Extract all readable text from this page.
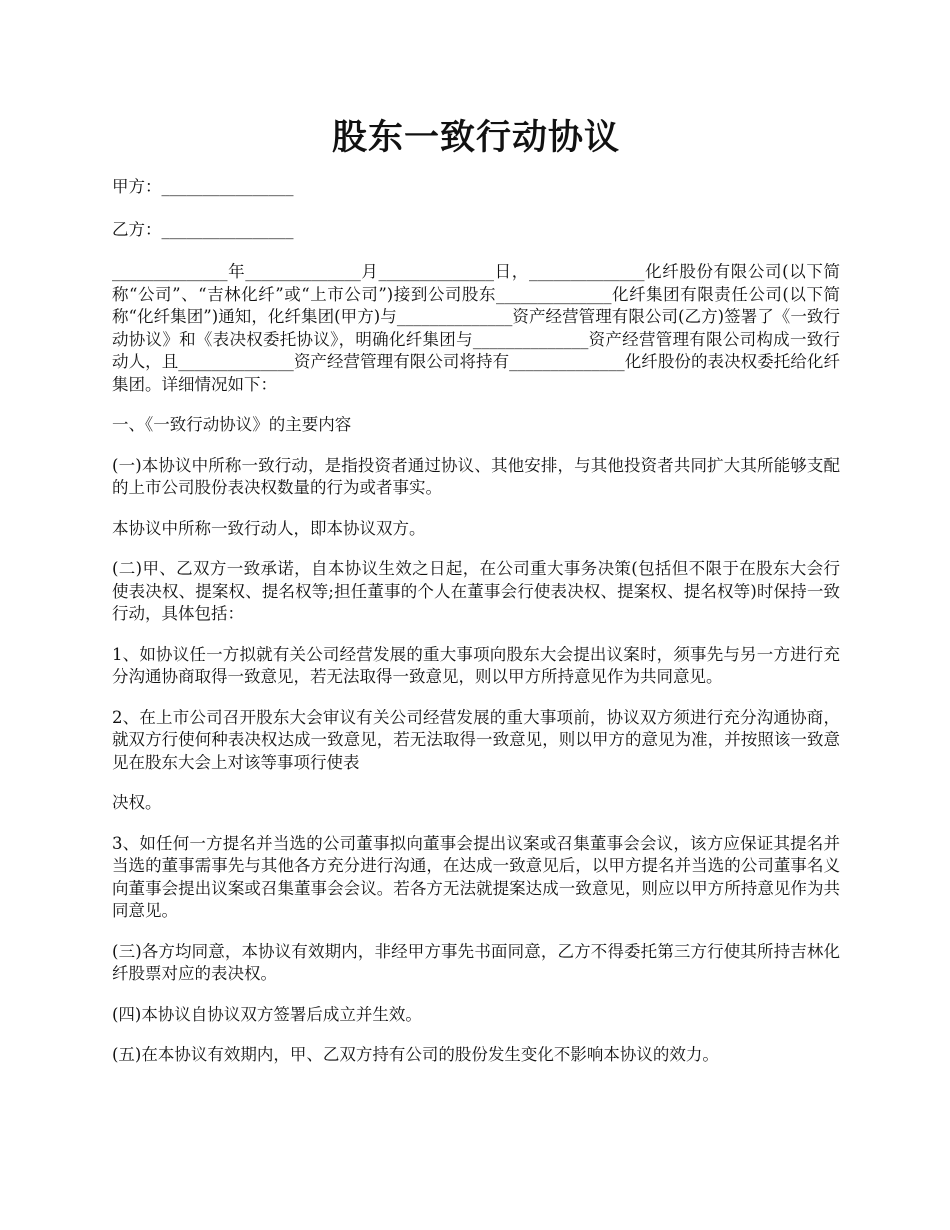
股东一致行动协议

甲方：________________

乙方：________________

______________年______________月______________日，______________化纤股份有限公司(以下简称“公司”、“吉林化纤”或“上市公司”)接到公司股东______________化纤集团有限责任公司(以下简称“化纤集团”)通知，化纤集团(甲方)与______________资产经营管理有限公司(乙方)签署了《一致行动协议》和《表决权委托协议》，明确化纤集团与______________资产经营管理有限公司构成一致行动人，且______________资产经营管理有限公司将持有______________化纤股份的表决权委托给化纤集团。详细情况如下：

一、《一致行动协议》的主要内容

(一)本协议中所称一致行动，是指投资者通过协议、其他安排，与其他投资者共同扩大其所能够支配的上市公司股份表决权数量的行为或者事实。

本协议中所称一致行动人，即本协议双方。

(二)甲、乙双方一致承诺，自本协议生效之日起，在公司重大事务决策(包括但不限于在股东大会行使表决权、提案权、提名权等;担任董事的个人在董事会行使表决权、提案权、提名权等)时保持一致行动，具体包括：

1、如协议任一方拟就有关公司经营发展的重大事项向股东大会提出议案时，须事先与另一方进行充分沟通协商取得一致意见，若无法取得一致意见，则以甲方所持意见作为共同意见。

2、在上市公司召开股东大会审议有关公司经营发展的重大事项前，协议双方须进行充分沟通协商，就双方行使何种表决权达成一致意见，若无法取得一致意见，则以甲方的意见为准，并按照该一致意见在股东大会上对该等事项行使表

决权。

3、如任何一方提名并当选的公司董事拟向董事会提出议案或召集董事会会议，该方应保证其提名并当选的董事需事先与其他各方充分进行沟通，在达成一致意见后，以甲方提名并当选的公司董事名义向董事会提出议案或召集董事会会议。若各方无法就提案达成一致意见，则应以甲方所持意见作为共同意见。

(三)各方均同意，本协议有效期内，非经甲方事先书面同意，乙方不得委托第三方行使其所持吉林化纤股票对应的表决权。

(四)本协议自协议双方签署后成立并生效。

(五)在本协议有效期内，甲、乙双方持有公司的股份发生变化不影响本协议的效力。
